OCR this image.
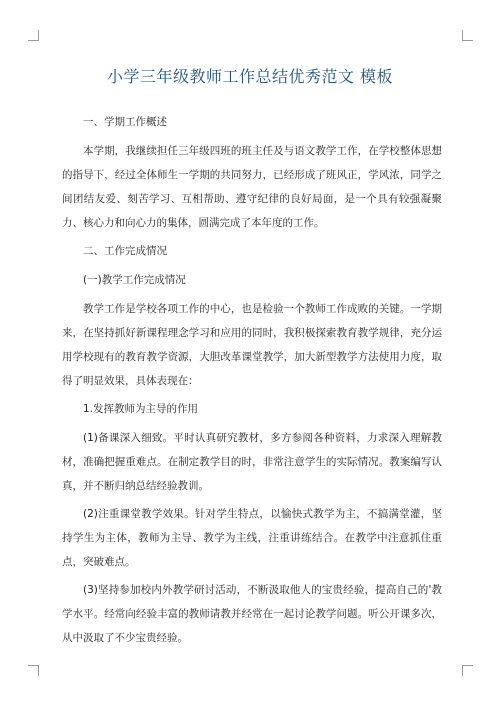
小学三年级教师工作总结优秀范文 模板

一、学期工作概述

本学期，我继续担任三年级四班的班主任及与语文教学工作，在学校整体思想的指导下，经过全体师生一学期的共同努力，已经形成了班风正，学风浓，同学之间团结友爱、刻苦学习、互相帮助、遵守纪律的良好局面，是一个具有较强凝聚力、核心力和向心力的集体，圆满完成了本年度的工作。

二、工作完成情况

(一)教学工作完成情况

教学工作是学校各项工作的中心，也是检验一个教师工作成败的关键。一学期来，在坚持抓好新课程理念学习和应用的同时，我积极探索教育教学规律，充分运用学校现有的教育教学资源，大胆改革课堂教学，加大新型教学方法使用力度，取得了明显效果，具体表现在：

1.发挥教师为主导的作用

(1)备课深入细致。平时认真研究教材，多方参阅各种资料，力求深入理解教材，准确把握重难点。在制定教学目的时，非常注意学生的实际情况。教案编写认真，并不断归纳总结经验教训。

(2)注重课堂教学效果。针对学生特点，以愉快式教学为主，不搞满堂灌，坚持学生为主体，教师为主导、教学为主线，注重讲练结合。在教学中注意抓住重点，突破难点。

(3)坚持参加校内外教学研讨活动，不断汲取他人的宝贵经验，提高自己的'教学水平。经常向经验丰富的教师请教并经常在一起讨论教学问题。听公开课多次，从中汲取了不少宝贵经验。
